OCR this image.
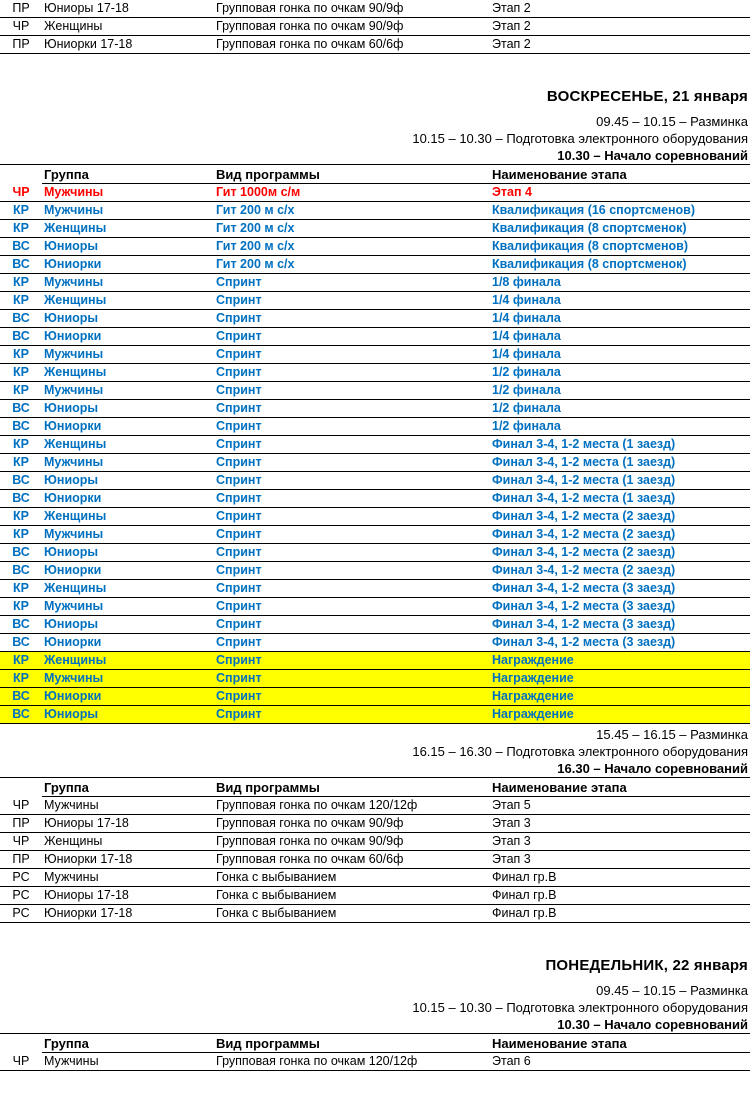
ПР	Юниоры 17-18	Групповая гонка по очкам 90/9ф	Этап 2
ЧР	Женщины	Групповая гонка по очкам 90/9ф	Этап 2
ПР	Юниорки 17-18	Групповая гонка по очкам 60/6ф	Этап 2
ВОСКРЕСЕНЬЕ, 21 января
09.45 – 10.15 – Разминка
10.15 – 10.30 – Подготовка электронного оборудования
10.30 – Начало соревнований
	Группа	Вид программы	Наименование этапа
ЧР	Мужчины	Гит 1000м с/м	Этап 4
КР	Мужчины	Гит 200 м с/х	Квалификация (16 спортсменов)
КР	Женщины	Гит 200 м с/х	Квалификация (8 спортсменок)
ВС	Юниоры	Гит 200 м с/х	Квалификация (8 спортсменов)
ВС	Юниорки	Гит 200 м с/х	Квалификация (8 спортсменок)
КР	Мужчины	Спринт	1/8 финала
КР	Женщины	Спринт	1/4 финала
ВС	Юниоры	Спринт	1/4 финала
ВС	Юниорки	Спринт	1/4 финала
КР	Мужчины	Спринт	1/4 финала
КР	Женщины	Спринт	1/2 финала
КР	Мужчины	Спринт	1/2 финала
ВС	Юниоры	Спринт	1/2 финала
ВС	Юниорки	Спринт	1/2 финала
КР	Женщины	Спринт	Финал 3-4, 1-2 места (1 заезд)
КР	Мужчины	Спринт	Финал 3-4, 1-2 места (1 заезд)
ВС	Юниоры	Спринт	Финал 3-4, 1-2 места (1 заезд)
ВС	Юниорки	Спринт	Финал 3-4, 1-2 места (1 заезд)
КР	Женщины	Спринт	Финал 3-4, 1-2 места (2 заезд)
КР	Мужчины	Спринт	Финал 3-4, 1-2 места (2 заезд)
ВС	Юниоры	Спринт	Финал 3-4, 1-2 места (2 заезд)
ВС	Юниорки	Спринт	Финал 3-4, 1-2 места (2 заезд)
КР	Женщины	Спринт	Финал 3-4, 1-2 места (3 заезд)
КР	Мужчины	Спринт	Финал 3-4, 1-2 места (3 заезд)
ВС	Юниоры	Спринт	Финал 3-4, 1-2 места (3 заезд)
ВС	Юниорки	Спринт	Финал 3-4, 1-2 места (3 заезд)
КР	Женщины	Спринт	Награждение
КР	Мужчины	Спринт	Награждение
ВС	Юниорки	Спринт	Награждение
ВС	Юниоры	Спринт	Награждение
15.45 – 16.15 – Разминка
16.15 – 16.30 – Подготовка электронного оборудования
16.30 – Начало соревнований
	Группа	Вид программы	Наименование этапа
ЧР	Мужчины	Групповая гонка по очкам 120/12ф	Этап 5
ПР	Юниоры 17-18	Групповая гонка по очкам 90/9ф	Этап 3
ЧР	Женщины	Групповая гонка по очкам 90/9ф	Этап 3
ПР	Юниорки 17-18	Групповая гонка по очкам 60/6ф	Этап 3
РС	Мужчины	Гонка с выбыванием	Финал гр.В
РС	Юниоры 17-18	Гонка с выбыванием	Финал гр.В
РС	Юниорки 17-18	Гонка с выбыванием	Финал гр.В
ПОНЕДЕЛЬНИК, 22 января
09.45 – 10.15 – Разминка
10.15 – 10.30 – Подготовка электронного оборудования
10.30 – Начало соревнований
	Группа	Вид программы	Наименование этапа
ЧР	Мужчины	Групповая гонка по очкам 120/12ф	Этап 6
